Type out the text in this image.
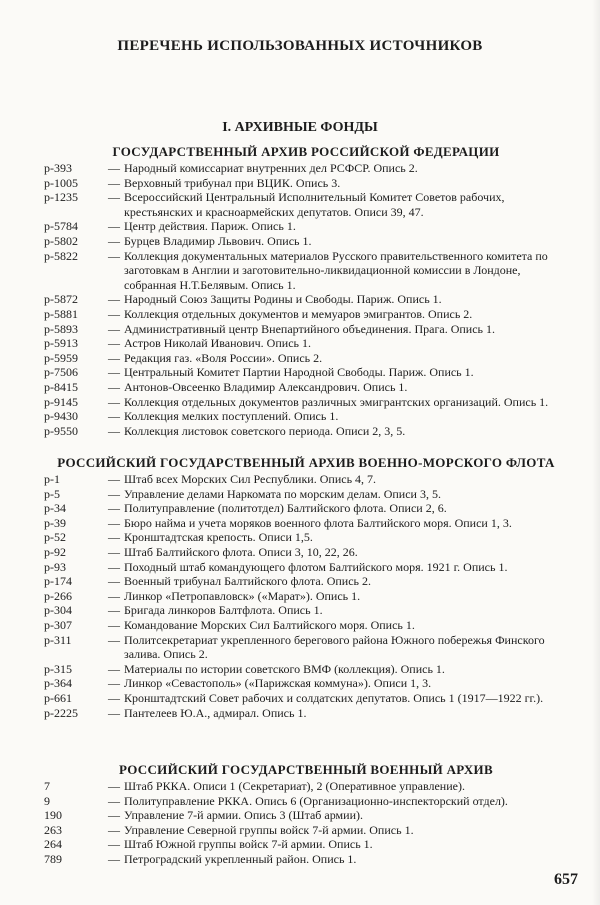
ПЕРЕЧЕНЬ ИСПОЛЬЗОВАННЫХ ИСТОЧНИКОВ
I. АРХИВНЫЕ ФОНДЫ
ГОСУДАРСТВЕННЫЙ АРХИВ РОССИЙСКОЙ ФЕДЕРАЦИИ
р-393	— Народный комиссариат внутренних дел РСФСР. Опись 2.
р-1005	— Верховный трибунал при ВЦИК. Опись 3.
р-1235	— Всероссийский Центральный Исполнительный Комитет Советов рабочих, крестьянских и красноармейских депутатов. Описи 39, 47.
р-5784	— Центр действия. Париж. Опись 1.
р-5802	— Бурцев Владимир Львович. Опись 1.
р-5822	— Коллекция документальных материалов Русского правительственного комитета по заготовкам в Англии и заготовительно-ликвидационной комиссии в Лондоне, собранная Н.Т.Белявым. Опись 1.
р-5872	— Народный Союз Защиты Родины и Свободы. Париж. Опись 1.
р-5881	— Коллекция отдельных документов и мемуаров эмигрантов. Опись 2.
р-5893	— Административный центр Внепартийного объединения. Прага. Опись 1.
р-5913	— Астров Николай Иванович. Опись 1.
р-5959	— Редакция газ. «Воля России». Опись 2.
р-7506	— Центральный Комитет Партии Народной Свободы. Париж. Опись 1.
р-8415	— Антонов-Овсеенко Владимир Александрович. Опись 1.
р-9145	— Коллекция отдельных документов различных эмигрантских организаций. Опись 1.
р-9430	— Коллекция мелких поступлений. Опись 1.
р-9550	— Коллекция листовок советского периода. Описи 2, 3, 5.
РОССИЙСКИЙ ГОСУДАРСТВЕННЫЙ АРХИВ ВОЕННО-МОРСКОГО ФЛОТА
р-1	— Штаб всех Морских Сил Республики. Опись 4, 7.
р-5	— Управление делами Наркомата по морским делам. Описи 3, 5.
р-34	— Политуправление (политотдел) Балтийского флота. Описи 2, 6.
р-39	— Бюро найма и учета моряков военного флота Балтийского моря. Описи 1, 3.
р-52	— Кронштадтская крепость. Описи 1,5.
р-92	— Штаб Балтийского флота. Описи 3, 10, 22, 26.
р-93	— Походный штаб командующего флотом Балтийского моря. 1921 г. Опись 1.
р-174	— Военный трибунал Балтийского флота. Опись 2.
р-266	— Линкор «Петропавловск» («Марат»). Опись 1.
р-304	— Бригада линкоров Балтфлота. Опись 1.
р-307	— Командование Морских Сил Балтийского моря. Опись 1.
р-311	— Политсекретариат укрепленного берегового района Южного побережья Финского залива. Опись 2.
р-315	— Материалы по истории советского ВМФ (коллекция). Опись 1.
р-364	— Линкор «Севастополь» («Парижская коммуна»). Описи 1, 3.
р-661	— Кронштадтский Совет рабочих и солдатских депутатов. Опись 1 (1917—1922 гг.).
р-2225	— Пантелеев Ю.А., адмирал. Опись 1.
РОССИЙСКИЙ ГОСУДАРСТВЕННЫЙ ВОЕННЫЙ АРХИВ
7	— Штаб РККА. Описи 1 (Секретариат), 2 (Оперативное управление).
9	— Политуправление РККА. Опись 6 (Организационно-инспекторский отдел).
190	— Управление 7-й армии. Опись 3 (Штаб армии).
263	— Управление Северной группы войск 7-й армии. Опись 1.
264	— Штаб Южной группы войск 7-й армии. Опись 1.
789	— Петроградский укрепленный район. Опись 1.

657
